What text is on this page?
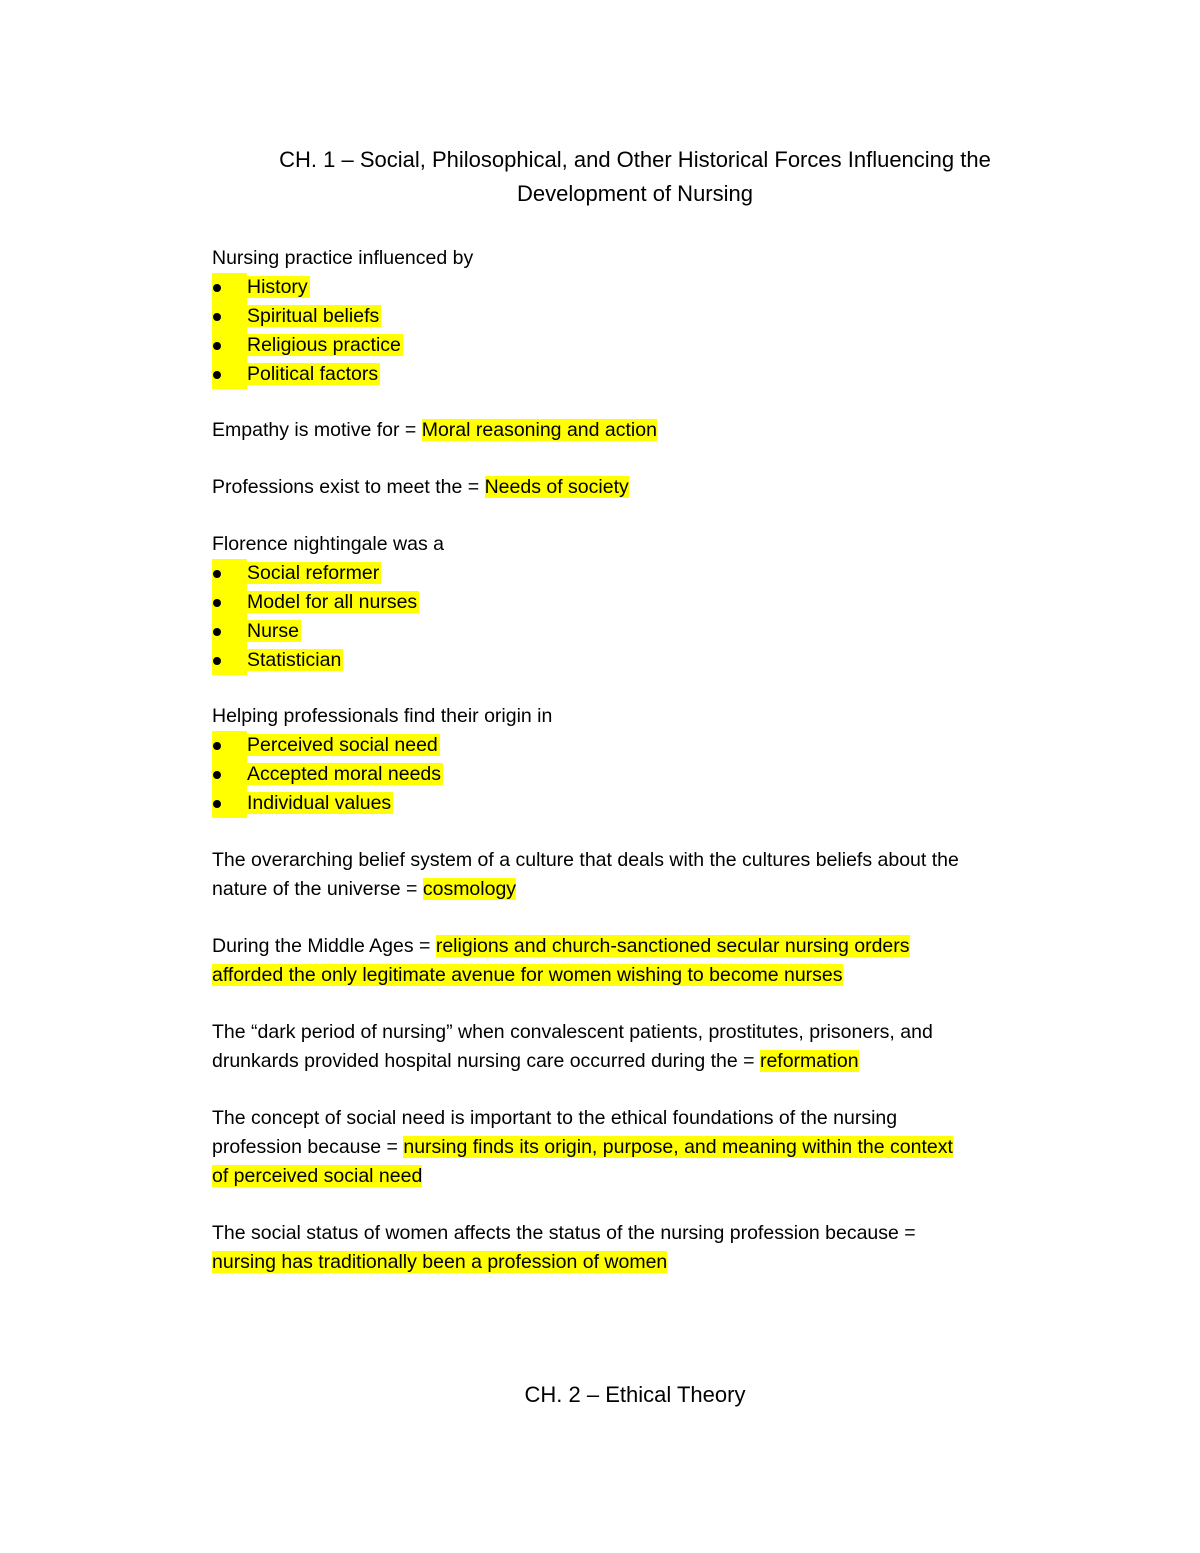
CH. 1 – Social, Philosophical, and Other Historical Forces Influencing the
Development of Nursing
Nursing practice influenced by
History
Spiritual beliefs
Religious practice
Political factors
Empathy is motive for = Moral reasoning and action
Professions exist to meet the = Needs of society
Florence nightingale was a
Social reformer
Model for all nurses
Nurse
Statistician
Helping professionals find their origin in
Perceived social need
Accepted moral needs
Individual values
The overarching belief system of a culture that deals with the cultures beliefs about the
nature of the universe = cosmology
During the Middle Ages = religions and church-sanctioned secular nursing orders
afforded the only legitimate avenue for women wishing to become nurses
The “dark period of nursing” when convalescent patients, prostitutes, prisoners, and
drunkards provided hospital nursing care occurred during the = reformation
The concept of social need is important to the ethical foundations of the nursing
profession because = nursing finds its origin, purpose, and meaning within the context
of perceived social need
The social status of women affects the status of the nursing profession because =
nursing has traditionally been a profession of women
CH. 2 – Ethical Theory
